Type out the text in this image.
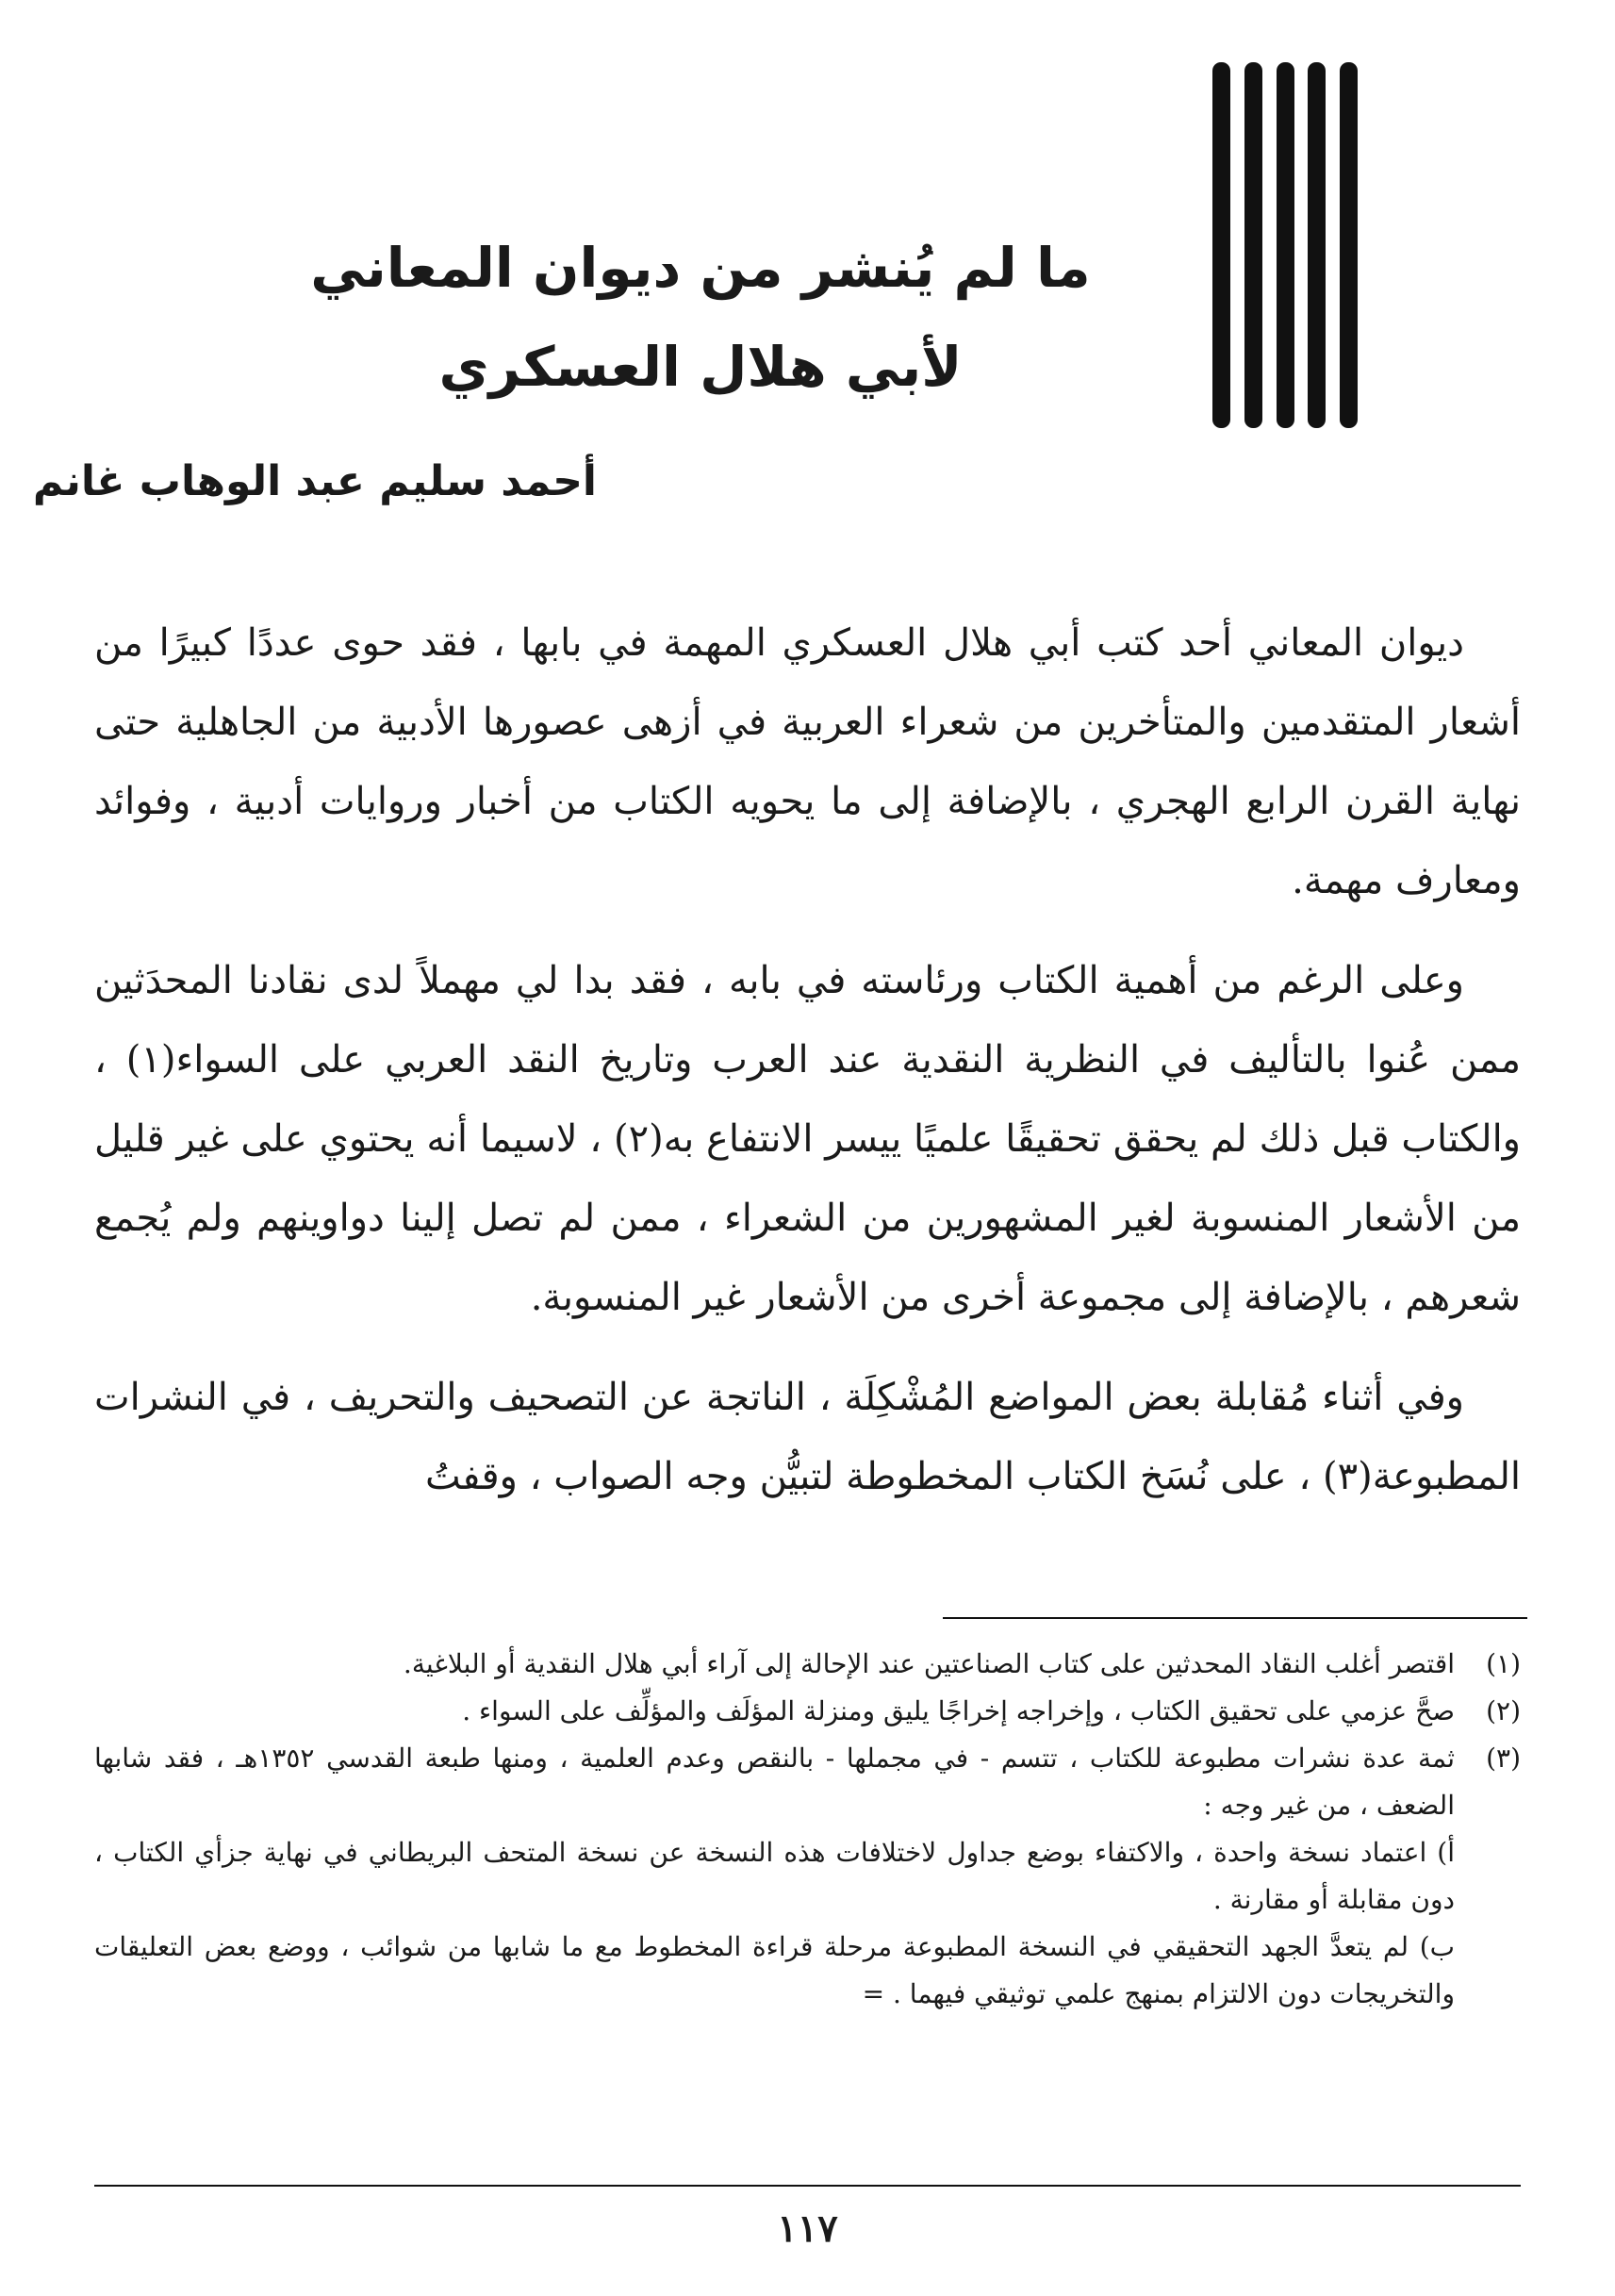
ما لم يُنشر من ديوان المعاني
لأبي هلال العسكري
أحمد سليم عبد الوهاب غانم

ديوان المعاني أحد كتب أبي هلال العسكري المهمة في بابها ، فقد حوى عددًا كبيرًا من أشعار المتقدمين والمتأخرين من شعراء العربية في أزهى عصورها الأدبية من الجاهلية حتى نهاية القرن الرابع الهجري ، بالإضافة إلى ما يحويه الكتاب من أخبار وروايات أدبية ، وفوائد ومعارف مهمة.

وعلى الرغم من أهمية الكتاب ورئاسته في بابه ، فقد بدا لي مهملاً لدى نقادنا المحدَثين ممن عُنوا بالتأليف في النظرية النقدية عند العرب وتاريخ النقد العربي على السواء(١) ، والكتاب قبل ذلك لم يحقق تحقيقًا علميًا ييسر الانتفاع به(٢) ، لاسيما أنه يحتوي على غير قليل من الأشعار المنسوبة لغير المشهورين من الشعراء ، ممن لم تصل إلينا دواوينهم ولم يُجمع شعرهم ، بالإضافة إلى مجموعة أخرى من الأشعار غير المنسوبة.

وفي أثناء مُقابلة بعض المواضع المُشْكِلَة ، الناتجة عن التصحيف والتحريف ، في النشرات المطبوعة(٣) ، على نُسَخ الكتاب المخطوطة لتبيُّن وجه الصواب ، وقفتُ

(١)
اقتصر أغلب النقاد المحدثين على كتاب الصناعتين عند الإحالة إلى آراء أبي هلال النقدية أو البلاغية.
(٢)
صحَّ عزمي على تحقيق الكتاب ، وإخراجه إخراجًا يليق ومنزلة المؤلَف والمؤلِّف على السواء .
(٣)

ثمة عدة نشرات مطبوعة للكتاب ، تتسم - في مجملها - بالنقص وعدم العلمية ، ومنها طبعة القدسي ١٣٥٢هـ ، فقد شابها الضعف ، من غير وجه :

أ) اعتماد نسخة واحدة ، والاكتفاء بوضع جداول لاختلافات هذه النسخة عن نسخة المتحف البريطاني في نهاية جزأي الكتاب ، دون مقابلة أو مقارنة .

ب) لم يتعدَّ الجهد التحقيقي في النسخة المطبوعة مرحلة قراءة المخطوط مع ما شابها من شوائب ، ووضع بعض التعليقات والتخريجات دون الالتزام بمنهج علمي توثيقي فيهما . =

١١٧
